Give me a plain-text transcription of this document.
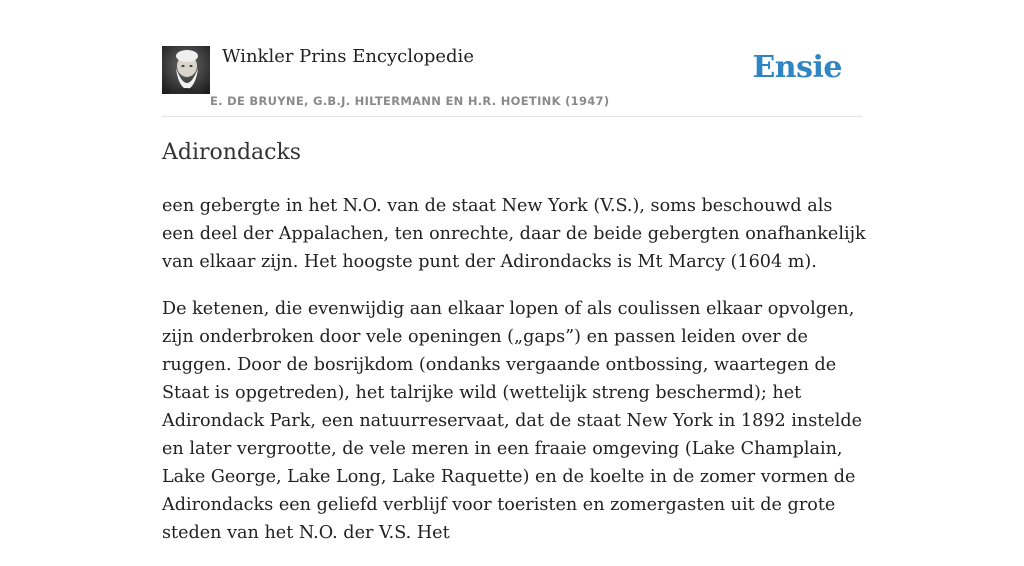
Winkler Prins Encyclopedie
E. DE BRUYNE, G.B.J. HILTERMANN EN H.R. HOETINK (1947)
Ensie
Adirondacks

een gebergte in het N.O. van de staat New York (V.S.), soms beschouwd als een deel der Appalachen, ten onrechte, daar de beide gebergten onafhankelijk van elkaar zijn. Het hoogste punt der Adirondacks is Mt Marcy (1604 m).

De ketenen, die evenwijdig aan elkaar lopen of als coulissen elkaar opvolgen, zijn onderbroken door vele openingen („gaps”) en passen leiden over de ruggen. Door de bosrijkdom (ondanks vergaande ontbossing, waartegen de Staat is opgetreden), het talrijke wild (wettelijk streng beschermd); het Adirondack Park, een natuurreservaat, dat de staat New York in 1892 instelde en later vergrootte, de vele meren in een fraaie omgeving (Lake Champlain, Lake George, Lake Long, Lake Raquette) en de koelte in de zomer vormen de Adirondacks een geliefd verblijf voor toeristen en zomergasten uit de grote steden van het N.O. der V.S. Het
